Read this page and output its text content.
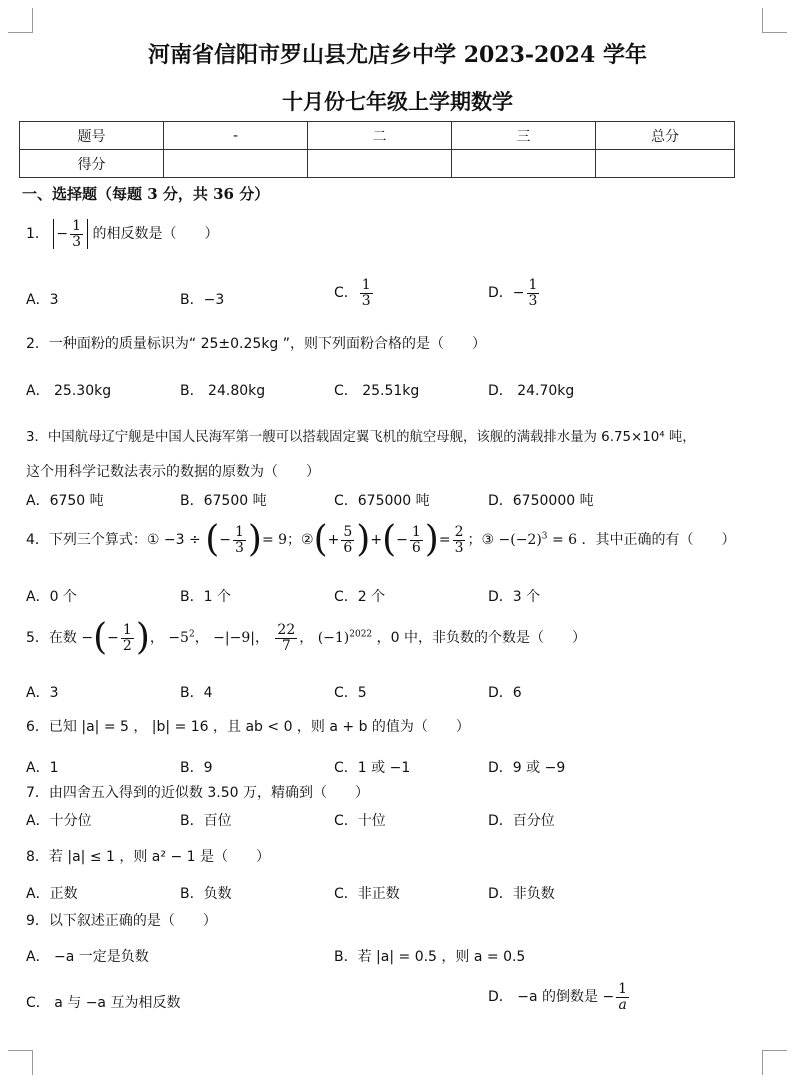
河南省信阳市罗山县尤店乡中学 2023-2024 学年
十月份七年级上学期数学
题号	-	二	三	总分
得分				
一、选择题（每题 3 分，共 36 分）
1． − $\frac{1}{3}$ 的相反数是（　　）
A．3	B．−3	C． $\frac{1}{3}$	D．− $\frac{1}{3}$
2．一种面粉的质量标识为“ 25±0.25kg ”，则下列面粉合格的是（　　）
A． 25.30kg	B． 24.80kg	C． 25.51kg	D． 24.70kg
3．中国航母辽宁舰是中国人民海军第一艘可以搭载固定翼飞机的航空母舰，该舰的满载排水量为 6.75×10⁴ 吨，
这个用科学记数法表示的数据的原数为（　　）
A．6750 吨	B．67500 吨	C．675000 吨	D．6750000 吨
4．下列三个算式：① −3 ÷ (− $\frac{1}{3}$ )= 9；②(+ $\frac{5}{6}$ )+(− $\frac{1}{6}$ )= $\frac{2}{3}$ ；③ $-(-2)^3 = 6$ ．其中正确的有（　　）
A．0 个	B．1 个	C．2 个	D．3 个
5．在数 −(− $\frac{1}{2}$ )， $-5^2$， −|−9|， $\frac{22}{7}$ ， $(-1)^{2022}$ ，0 中，非负数的个数是（　　）
A．3	B．4	C．5	D．6
6．已知 |a| = 5 ， |b| = 16 ，且 ab < 0 ，则 a + b 的值为（　　）
A．1	B．9	C．1 或 −1	D．9 或 −9
7．由四舍五入得到的近似数 3.50 万，精确到（　　）
A．十分位	B．百位	C．十位	D．百分位
8．若 |a| ≤ 1 ，则 a² − 1 是（　　）
A．正数	B．负数	C．非正数	D．非负数
9．以下叙述正确的是（　　）
A． −a 一定是负数	B．若 |a| = 0.5 ，则 a = 0.5
C． a 与 −a 互为相反数	D． −a 的倒数是 − $\frac{1}{a}$
